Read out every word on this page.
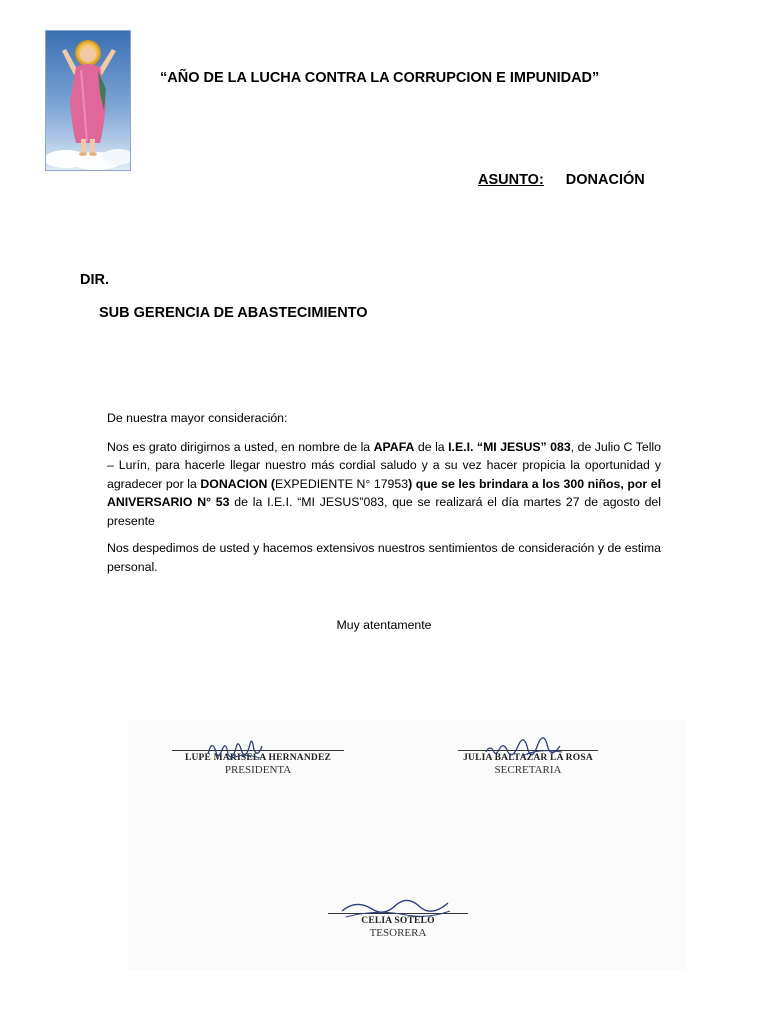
“AÑO DE LA LUCHA CONTRA LA CORRUPCION E IMPUNIDAD”
ASUNTO: DONACIÓN
DIR.
SUB GERENCIA DE ABASTECIMIENTO

De nuestra mayor consideración:

Nos es grato dirigirnos a usted, en nombre de la APAFA de la I.E.I. “MI JESUS” 083, de Julio C Tello – Lurín, para hacerle llegar nuestro más cordial saludo y a su vez hacer propicia la oportunidad y agradecer por la DONACION (EXPEDIENTE N° 17953) que se les brindara a los 300 niños, por el ANIVERSARIO N° 53 de la I.E.I. “MI JESUS”083, que se realizará el día martes 27 de agosto del presente

Nos despedimos de usted y hacemos extensivos nuestros sentimientos de consideración y de estima personal.

Muy atentamente
LUPE MARISELA HERNANDEZ
PRESIDENTA
JULIA BALTAZAR LA ROSA
SECRETARIA
CELIA SOTELO
TESORERA
